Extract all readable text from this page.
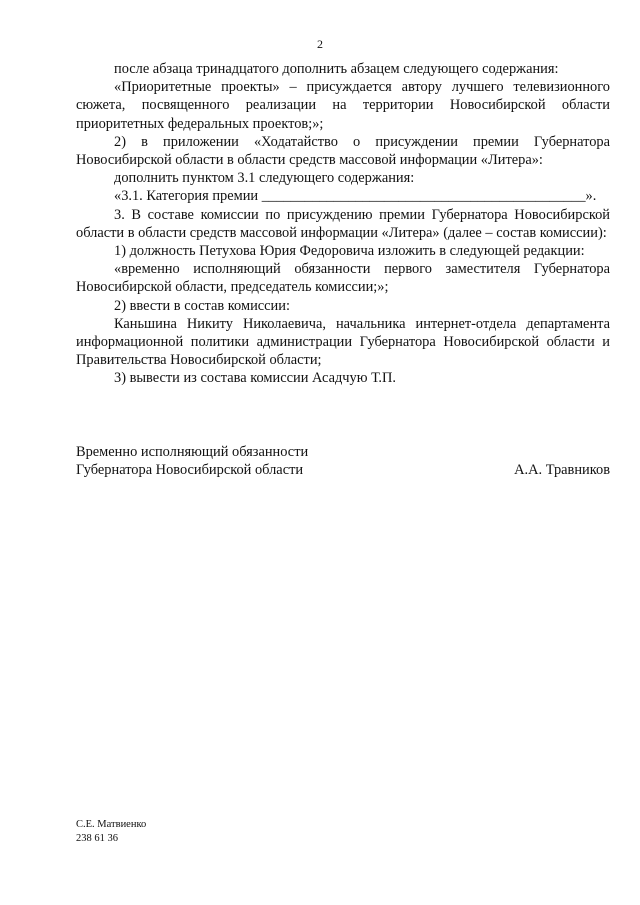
2

после абзаца тринадцатого дополнить абзацем следующего содержания:

«Приоритетные проекты» – присуждается автору лучшего телевизионного сюжета, посвященного реализации на территории Новосибирской области приоритетных федеральных проектов;»;

2) в приложении «Ходатайство о присуждении премии Губернатора Новосибирской области в области средств массовой информации «Литера»:

дополнить пунктом 3.1 следующего содержания:

«3.1. Категория премии _____________________________________________».

3. В составе комиссии по присуждению премии Губернатора Новосибирской области в области средств массовой информации «Литера» (далее – состав комиссии):

1) должность Петухова Юрия Федоровича изложить в следующей редакции:

«временно исполняющий обязанности первого заместителя Губернатора Новосибирской области, председатель комиссии;»;

2) ввести в состав комиссии:

Каньшина Никиту Николаевича, начальника интернет-отдела департамента информационной политики администрации Губернатора Новосибирской области и Правительства Новосибирской области;

3) вывести из состава комиссии Асадчую Т.П.

Временно исполняющий обязанности
Губернатора Новосибирской области	А.А. Травников
С.Е. Матвиенко
238 61 36
